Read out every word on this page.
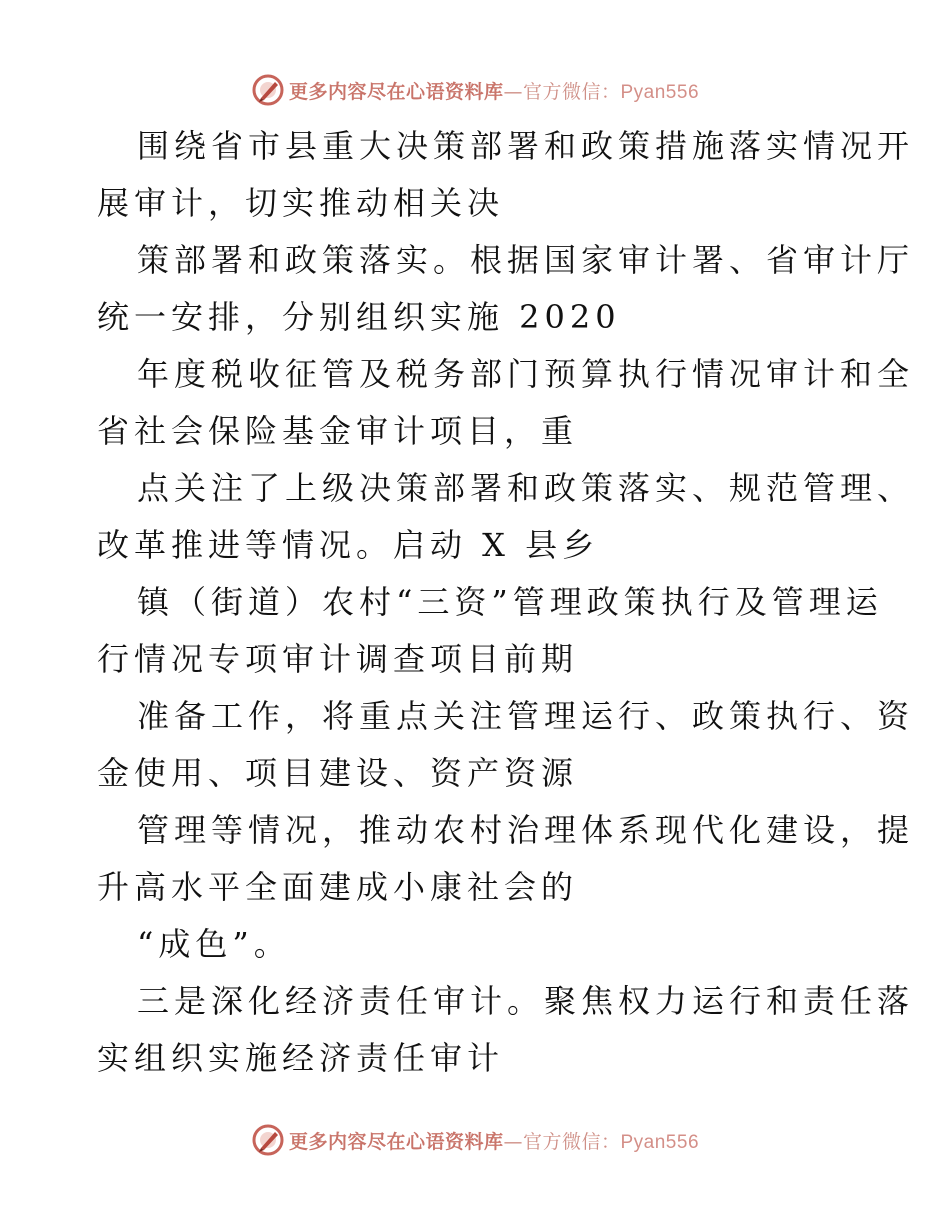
更多内容尽在心语资料库—官方微信：Pyan556
围绕省市县重大决策部署和政策措施落实情况开
展审计，切实推动相关决
策部署和政策落实。根据国家审计署、省审计厅
统一安排，分别组织实施 2020
年度税收征管及税务部门预算执行情况审计和全
省社会保险基金审计项目，重
点关注了上级决策部署和政策落实、规范管理、
改革推进等情况。启动 X 县乡
镇（街道）农村“三资”管理政策执行及管理运
行情况专项审计调查项目前期
准备工作，将重点关注管理运行、政策执行、资
金使用、项目建设、资产资源
管理等情况，推动农村治理体系现代化建设，提
升高水平全面建成小康社会的
“成色”。
三是深化经济责任审计。聚焦权力运行和责任落
实组织实施经济责任审计
更多内容尽在心语资料库—官方微信：Pyan556
